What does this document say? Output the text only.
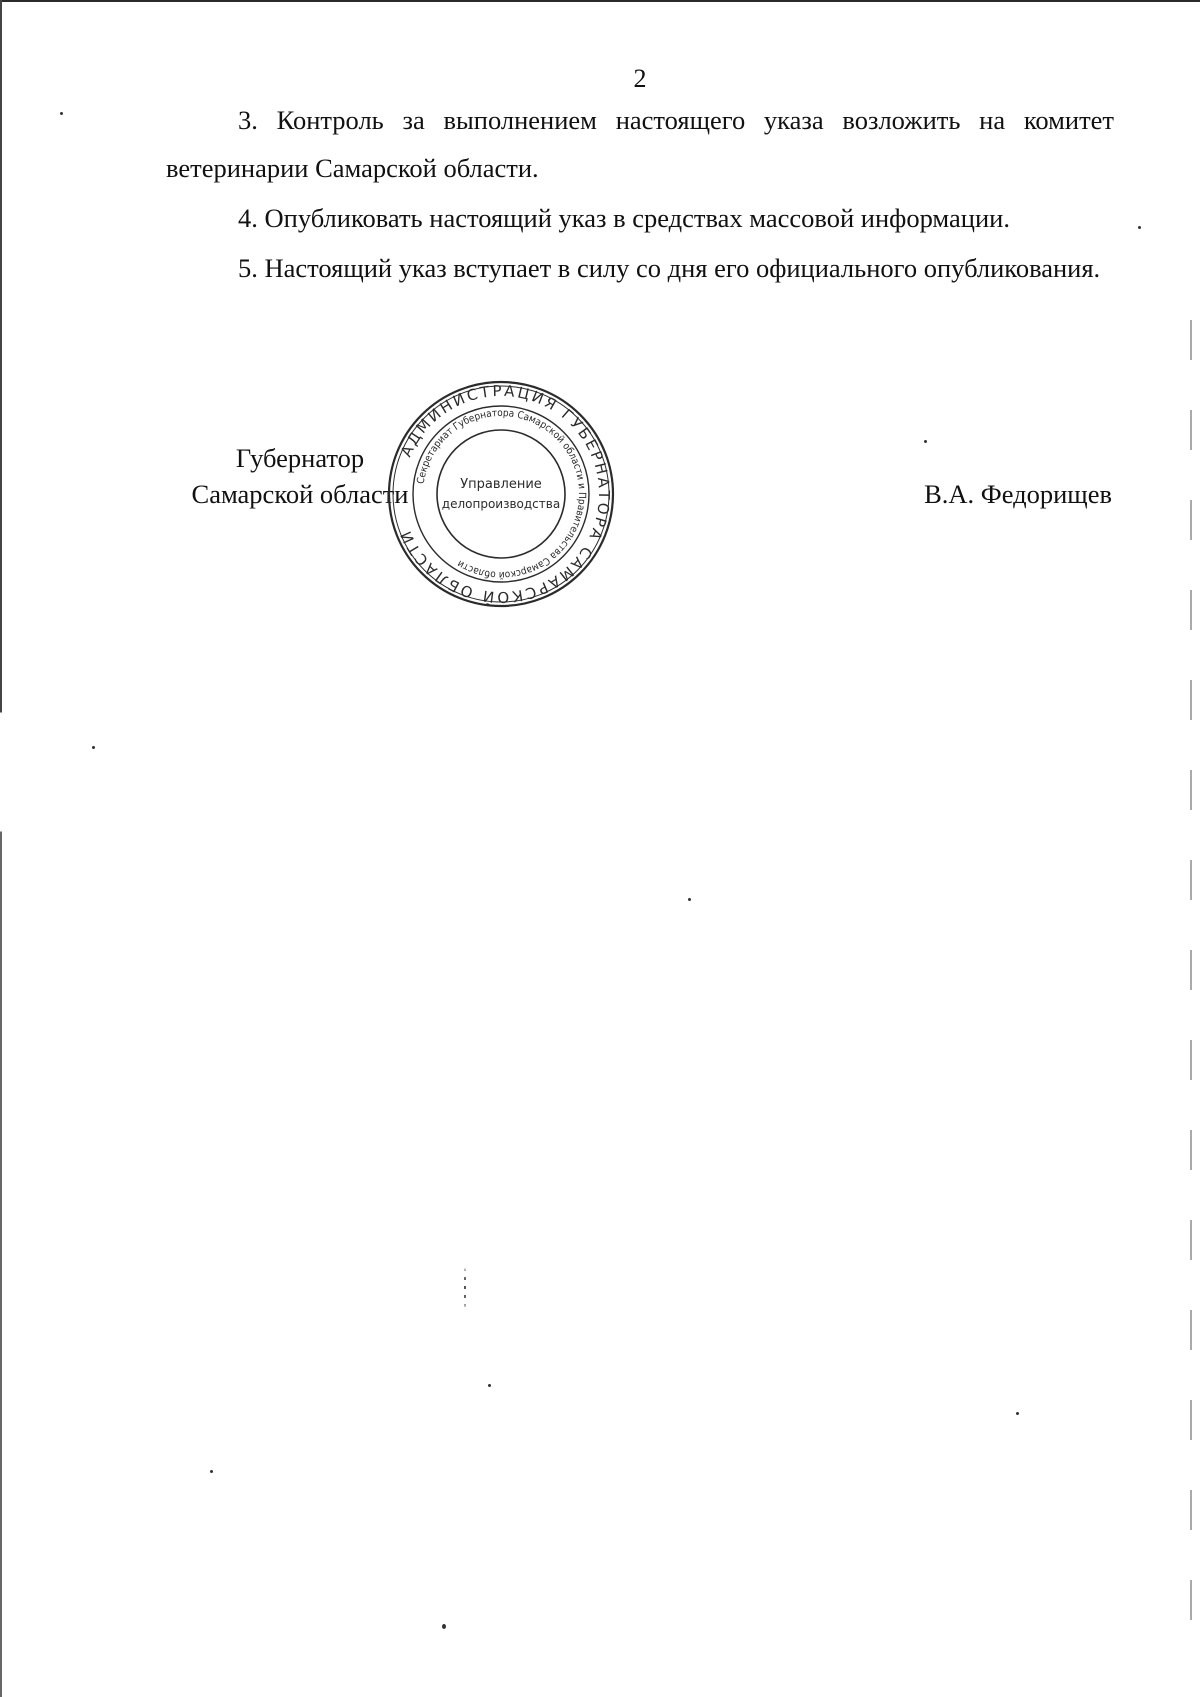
2

3. Контроль за выполнением настоящего указа возложить на комитет ветеринарии Самарской области.

4. Опубликовать настоящий указ в средствах массовой информации.

5. Настоящий указ вступает в силу со дня его официального опубликования.

Губернатор
Самарской области	В.А. Федорищев
АДМИНИСТРАЦИЯ ГУБЕРНАТОРА САМАРСКОЙ ОБЛАСТИ
Секретариат Губернатора Самарской области и Правительства Самарской области
Управление
делопроизводства
